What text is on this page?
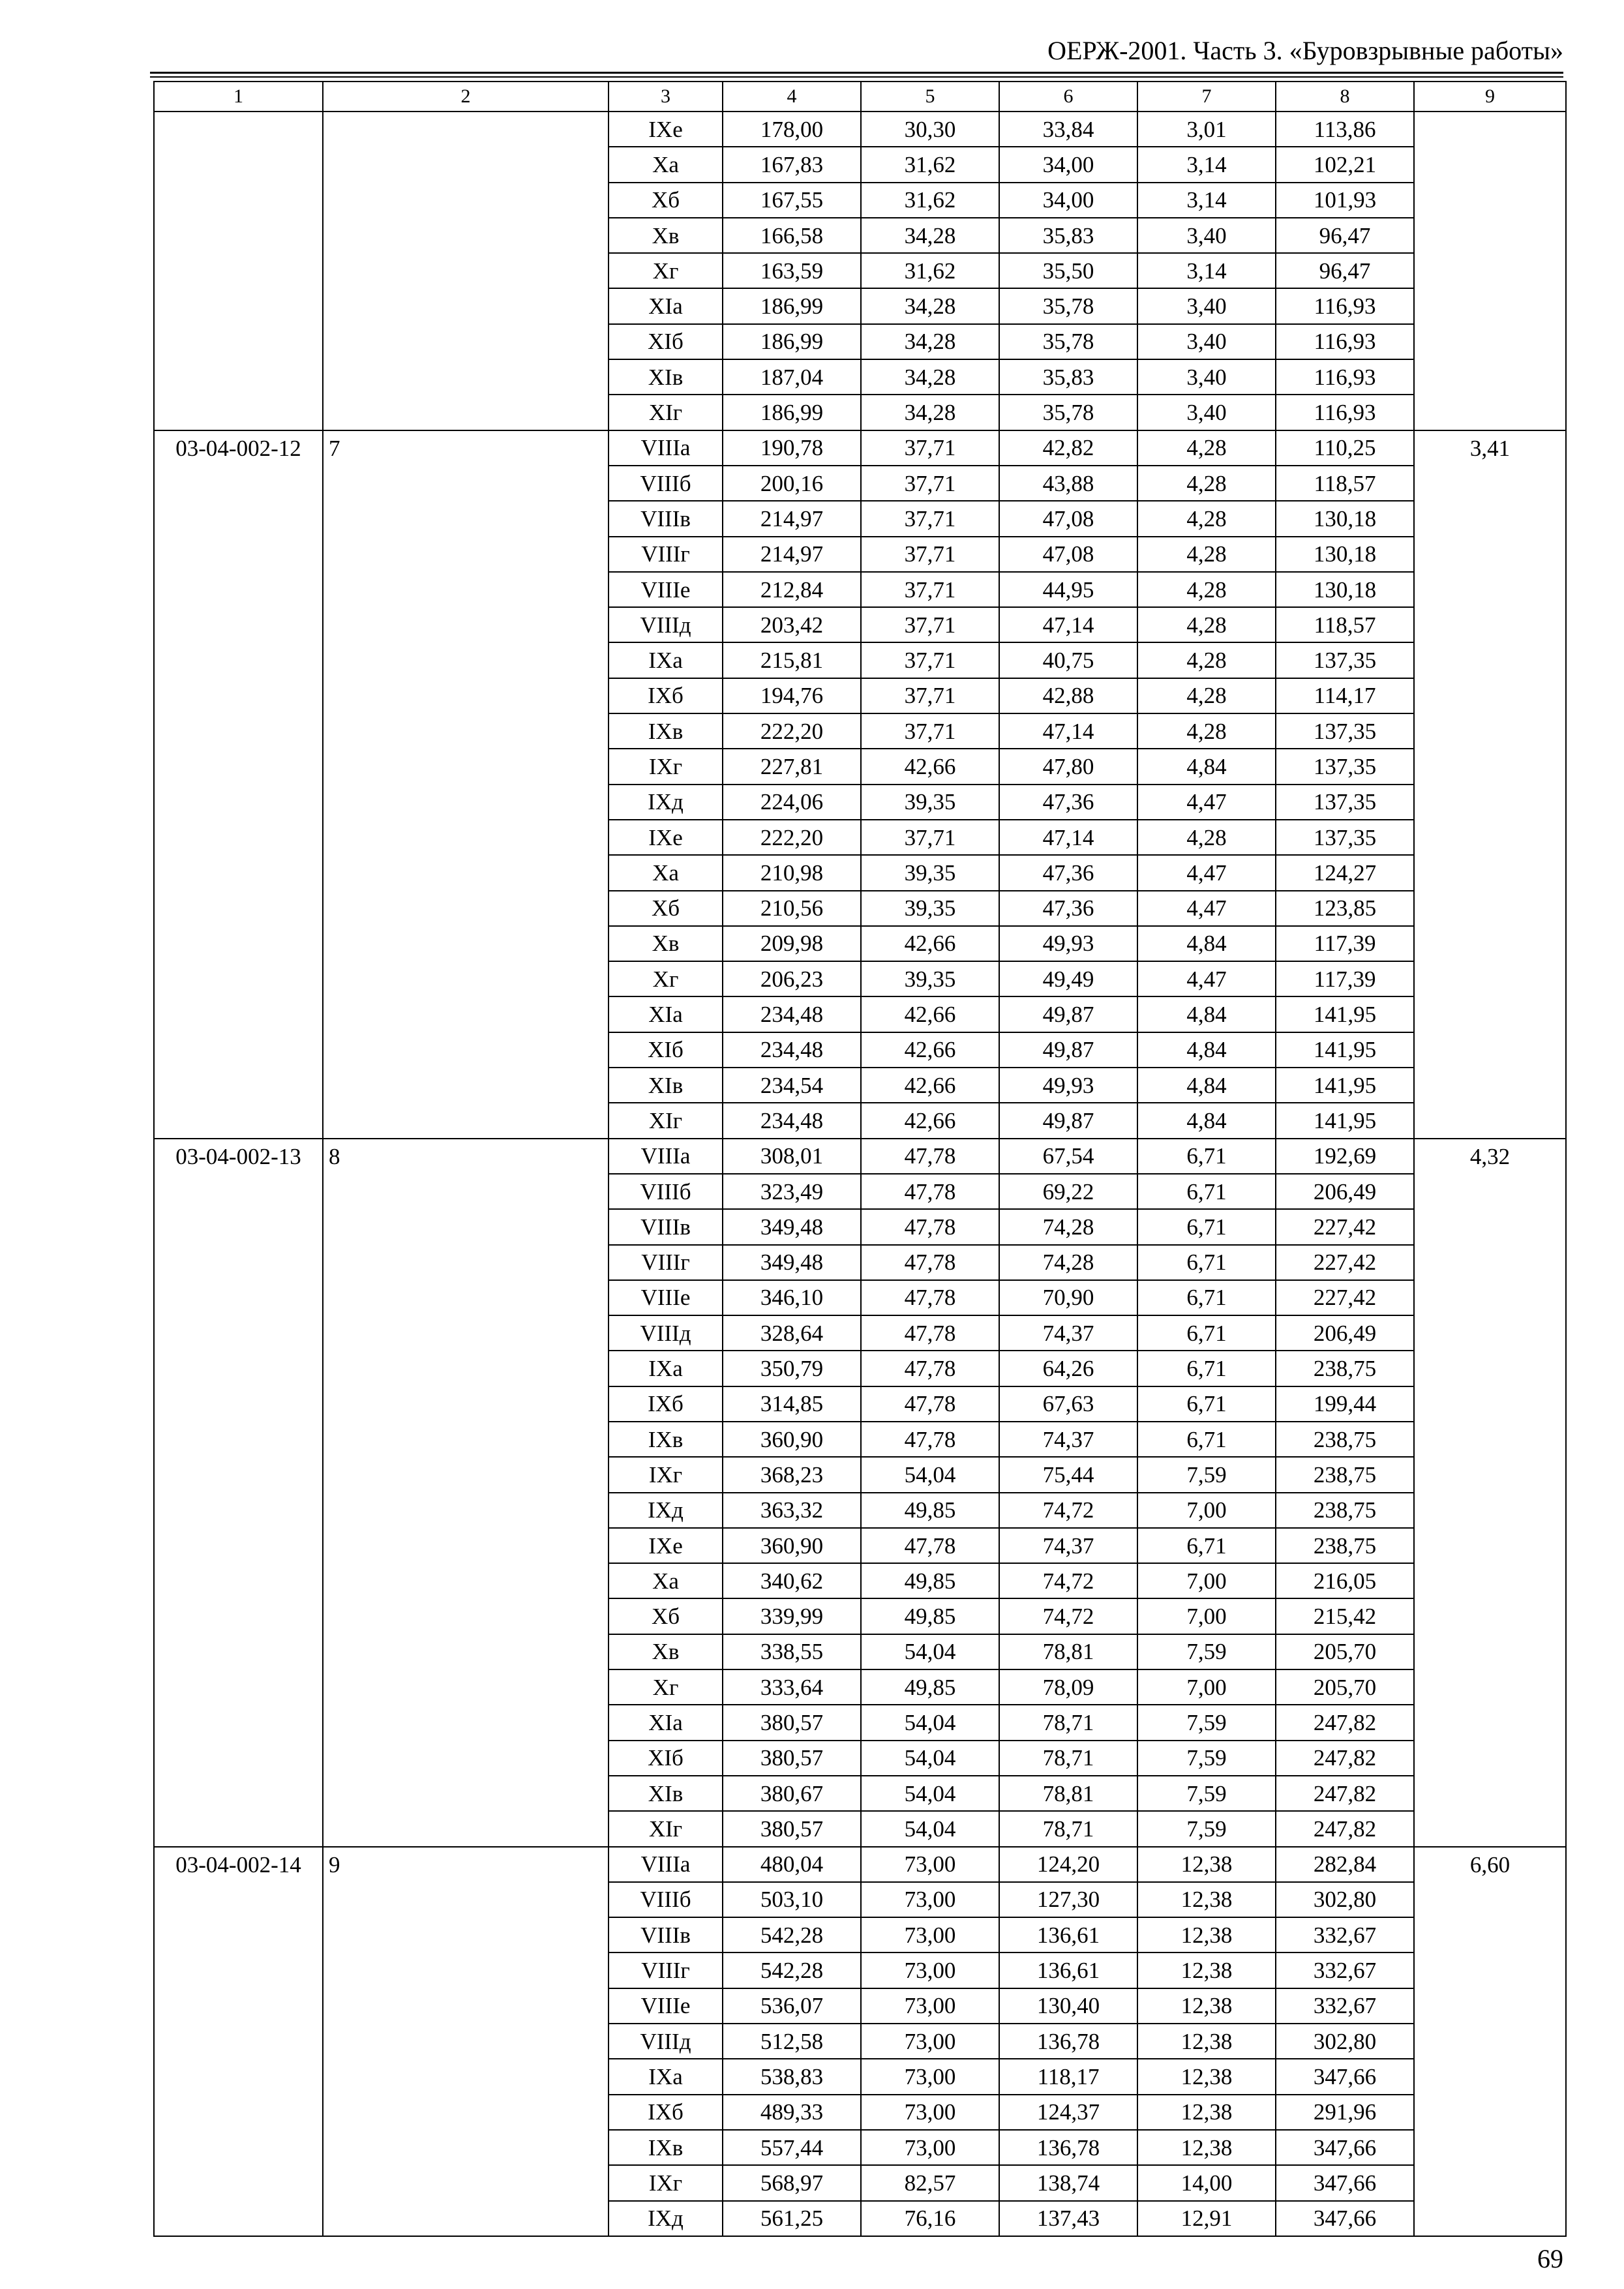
ОЕРЖ-2001. Часть 3. «Буровзрывные работы»
1	2	3	4	5	6	7	8	9
		IXе	178,00	30,30	33,84	3,01	113,86	
		Xа	167,83	31,62	34,00	3,14	102,21	
		Xб	167,55	31,62	34,00	3,14	101,93	
		Xв	166,58	34,28	35,83	3,40	96,47	
		Xг	163,59	31,62	35,50	3,14	96,47	
		XIа	186,99	34,28	35,78	3,40	116,93	
		XIб	186,99	34,28	35,78	3,40	116,93	
		XIв	187,04	34,28	35,83	3,40	116,93	
		XIг	186,99	34,28	35,78	3,40	116,93	
03-04-002-12	7	VIIIа	190,78	37,71	42,82	4,28	110,25	3,41
		VIIIб	200,16	37,71	43,88	4,28	118,57	
		VIIIв	214,97	37,71	47,08	4,28	130,18	
		VIIIг	214,97	37,71	47,08	4,28	130,18	
		VIIIе	212,84	37,71	44,95	4,28	130,18	
		VIIIд	203,42	37,71	47,14	4,28	118,57	
		IXа	215,81	37,71	40,75	4,28	137,35	
		IXб	194,76	37,71	42,88	4,28	114,17	
		IXв	222,20	37,71	47,14	4,28	137,35	
		IXг	227,81	42,66	47,80	4,84	137,35	
		IXд	224,06	39,35	47,36	4,47	137,35	
		IXе	222,20	37,71	47,14	4,28	137,35	
		Xа	210,98	39,35	47,36	4,47	124,27	
		Xб	210,56	39,35	47,36	4,47	123,85	
		Xв	209,98	42,66	49,93	4,84	117,39	
		Xг	206,23	39,35	49,49	4,47	117,39	
		XIа	234,48	42,66	49,87	4,84	141,95	
		XIб	234,48	42,66	49,87	4,84	141,95	
		XIв	234,54	42,66	49,93	4,84	141,95	
		XIг	234,48	42,66	49,87	4,84	141,95	
03-04-002-13	8	VIIIа	308,01	47,78	67,54	6,71	192,69	4,32
		VIIIб	323,49	47,78	69,22	6,71	206,49	
		VIIIв	349,48	47,78	74,28	6,71	227,42	
		VIIIг	349,48	47,78	74,28	6,71	227,42	
		VIIIе	346,10	47,78	70,90	6,71	227,42	
		VIIIд	328,64	47,78	74,37	6,71	206,49	
		IXа	350,79	47,78	64,26	6,71	238,75	
		IXб	314,85	47,78	67,63	6,71	199,44	
		IXв	360,90	47,78	74,37	6,71	238,75	
		IXг	368,23	54,04	75,44	7,59	238,75	
		IXд	363,32	49,85	74,72	7,00	238,75	
		IXе	360,90	47,78	74,37	6,71	238,75	
		Xа	340,62	49,85	74,72	7,00	216,05	
		Xб	339,99	49,85	74,72	7,00	215,42	
		Xв	338,55	54,04	78,81	7,59	205,70	
		Xг	333,64	49,85	78,09	7,00	205,70	
		XIа	380,57	54,04	78,71	7,59	247,82	
		XIб	380,57	54,04	78,71	7,59	247,82	
		XIв	380,67	54,04	78,81	7,59	247,82	
		XIг	380,57	54,04	78,71	7,59	247,82	
03-04-002-14	9	VIIIа	480,04	73,00	124,20	12,38	282,84	6,60
		VIIIб	503,10	73,00	127,30	12,38	302,80	
		VIIIв	542,28	73,00	136,61	12,38	332,67	
		VIIIг	542,28	73,00	136,61	12,38	332,67	
		VIIIе	536,07	73,00	130,40	12,38	332,67	
		VIIIд	512,58	73,00	136,78	12,38	302,80	
		IXа	538,83	73,00	118,17	12,38	347,66	
		IXб	489,33	73,00	124,37	12,38	291,96	
		IXв	557,44	73,00	136,78	12,38	347,66	
		IXг	568,97	82,57	138,74	14,00	347,66	
		IXд	561,25	76,16	137,43	12,91	347,66	
69
